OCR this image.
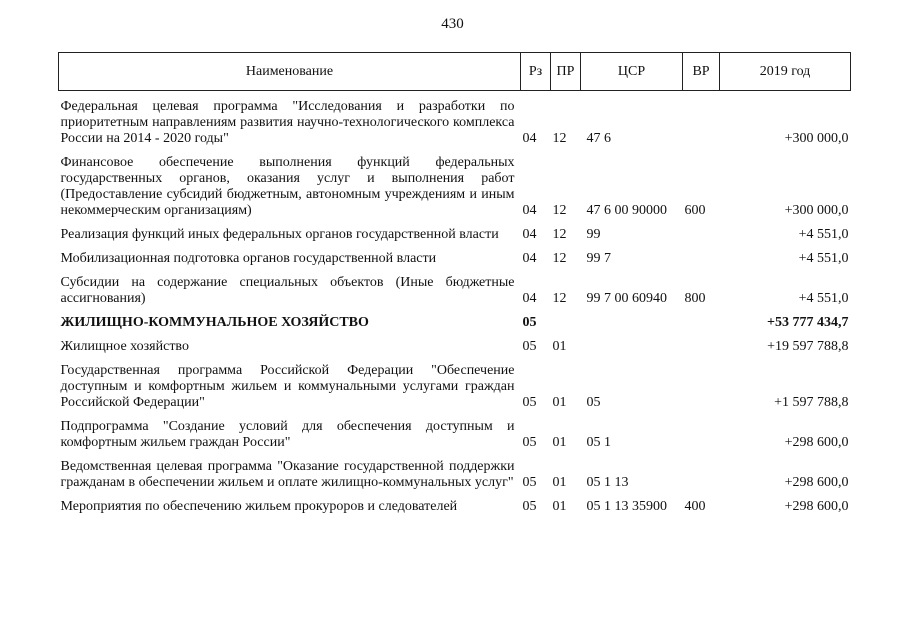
430
Наименование	Рз	ПР	ЦСР	ВР	2019 год
Федеральная целевая программа "Исследования и разработки по приоритетным направлениям развития научно-технологического комплекса России на 2014 - 2020 годы"	04	12	47 6		+300 000,0
Финансовое обеспечение выполнения функций федеральных государственных органов, оказания услуг и выполнения работ (Предоставление субсидий бюджетным, автономным учреждениям и иным некоммерческим организациям)	04	12	47 6 00 90000	600	+300 000,0
Реализация функций иных федеральных органов государственной власти	04	12	99		+4 551,0
Мобилизационная подготовка органов государственной власти	04	12	99 7		+4 551,0
Субсидии на содержание специальных объектов (Иные бюджетные ассигнования)	04	12	99 7 00 60940	800	+4 551,0
ЖИЛИЩНО-КОММУНАЛЬНОЕ ХОЗЯЙСТВО	05				+53 777 434,7
Жилищное хозяйство	05	01			+19 597 788,8
Государственная программа Российской Федерации "Обеспечение доступным и комфортным жильем и коммунальными услугами граждан Российской Федерации"	05	01	05		+1 597 788,8
Подпрограмма "Создание условий для обеспечения доступным и комфортным жильем граждан России"	05	01	05 1		+298 600,0
Ведомственная целевая программа "Оказание государственной поддержки гражданам в обеспечении жильем и оплате жилищно-коммунальных услуг"	05	01	05 1 13		+298 600,0
Мероприятия по обеспечению жильем прокуроров и следователей	05	01	05 1 13 35900	400	+298 600,0
